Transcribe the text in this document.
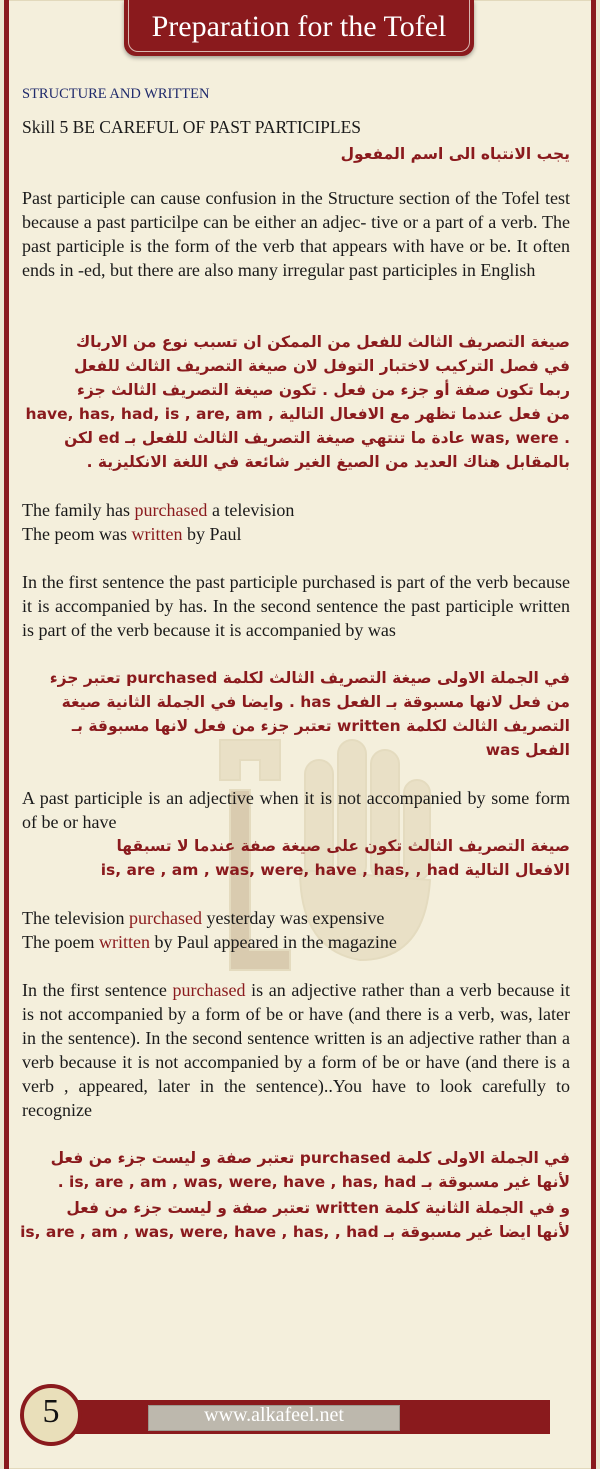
Preparation for the Tofel
STRUCTURE AND WRITTEN
Skill 5 BE CAREFUL OF PAST PARTICIPLES
يجب الانتباه الى اسم المفعول
Past participle can cause confusion in the Structure section of the Tofel test because a past particilpe can be either an adjec- tive or a part of a verb. The past participle is the form of the verb that appears with have or be. It often ends in -ed, but there are also many irregular past participles in English
صيغة التصريف الثالث للفعل من الممكن ان تسبب نوع من الارباك
في فصل التركيب لاختبار التوفل لان صيغة التصريف الثالث للفعل
ربما تكون صفة أو جزء من فعل . تكون صيغة التصريف الثالث جزء
من فعل عندما تظهر مع الافعال التالية , have, has, had, is , are, am
. was, were عادة ما تنتهي صيغة التصريف الثالث للفعل بـ ed لكن
بالمقابل هناك العديد من الصيغ الغير شائعة في اللغة الانكليزية .
The family has purchased a television
The peom was written by Paul
In the first sentence the past participle purchased is part of the verb because it is accompanied by has. In the second sentence the past participle written is part of the verb because it is accompanied by was
في الجملة الاولى صيغة التصريف الثالث لكلمة purchased تعتبر جزء
من فعل لانها مسبوقة بـ الفعل has . وايضا في الجملة الثانية صيغة
التصريف الثالث لكلمة written تعتبر جزء من فعل لانها مسبوقة بـ
الفعل was
A past participle is an adjective when it is not accompanied by some form of be or have
صيغة التصريف الثالث تكون على صيغة صفة عندما لا تسبقها
الافعال التالية is, are , am , was, were, have , has, , had
The television purchased yesterday was expensive
The poem written by Paul appeared in the magazine
In the first sentence purchased is an adjective rather than a verb because it is not accompanied by a form of be or have (and there is a verb, was, later in the sentence). In the second sentence written is an adjective rather than a verb because it is not accompanied by a form of be or have (and there is a verb , appeared, later in the sentence)..You have to look carefully to recognize
في الجملة الاولى كلمة purchased تعتبر صفة و ليست جزء من فعل
لأنها غير مسبوقة بـ is, are , am , was, were, have , has, had .
و في الجملة الثانية كلمة written تعتبر صفة و ليست جزء من فعل
لأنها ايضا غير مسبوقة بـ is, are , am , was, were, have , has, , had
www.alkafeel.net
5
